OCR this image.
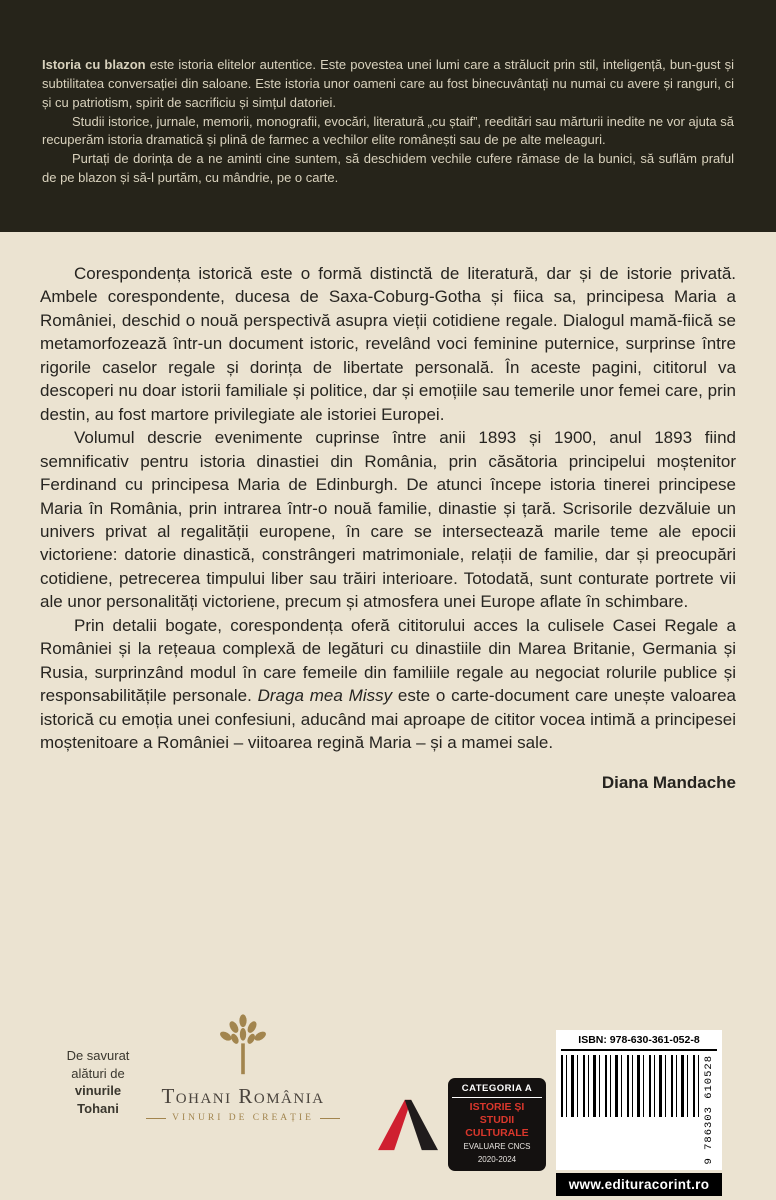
Istoria cu blazon este istoria elitelor autentice. Este povestea unei lumi care a strălucit prin stil, inteligență, bun-gust și subtilitatea conversației din saloane. Este istoria unor oameni care au fost binecuvântați nu numai cu avere și ranguri, ci și cu patriotism, spirit de sacrificiu și simțul datoriei.

Studii istorice, jurnale, memorii, monografii, evocări, literatură „cu ștaif”, reeditări sau mărturii inedite ne vor ajuta să recuperăm istoria dramatică și plină de farmec a vechilor elite românești sau de pe alte meleaguri.

Purtați de dorința de a ne aminti cine suntem, să deschidem vechile cufere rămase de la bunici, să suflăm praful de pe blazon și să-l purtăm, cu mândrie, pe o carte.

Corespondența istorică este o formă distinctă de literatură, dar și de istorie privată. Ambele corespondente, ducesa de Saxa-Coburg-Gotha și fiica sa, principesa Maria a României, deschid o nouă perspectivă asupra vieții cotidiene regale. Dialogul mamă-fiică se metamorfozează într-un document istoric, revelând voci feminine puternice, surprinse între rigorile caselor regale și dorința de libertate personală. În aceste pagini, cititorul va descoperi nu doar istorii familiale și politice, dar și emoțiile sau temerile unor femei care, prin destin, au fost martore privilegiate ale istoriei Europei.

Volumul descrie evenimente cuprinse între anii 1893 și 1900, anul 1893 fiind semnificativ pentru istoria dinastiei din România, prin căsătoria principelui moștenitor Ferdinand cu principesa Maria de Edinburgh. De atunci începe istoria tinerei principese Maria în România, prin intrarea într-o nouă familie, dinastie și țară. Scrisorile dezvăluie un univers privat al regalității europene, în care se intersectează marile teme ale epocii victoriene: datorie dinastică, constrângeri matrimoniale, relații de familie, dar și preocupări cotidiene, petrecerea timpului liber sau trăiri interioare. Totodată, sunt conturate portrete vii ale unor personalități victoriene, precum și atmosfera unei Europe aflate în schimbare.

Prin detalii bogate, corespondența oferă cititorului acces la culisele Casei Regale a României și la rețeaua complexă de legături cu dinastiile din Marea Britanie, Germania și Rusia, surprinzând modul în care femeile din familiile regale au negociat rolurile publice și responsabilitățile personale. Draga mea Missy este o carte-document care unește valoarea istorică cu emoția unei confesiuni, aducând mai aproape de cititor vocea intimă a principesei moștenitoare a României – viitoarea regină Maria – și a mamei sale.

Diana Mandache

De savurat
alături de
vinurile
Tohani
Tohani România
VINURI DE CREAȚIE
CATEGORIA A
ISTORIE ȘI STUDII
CULTURALE
EVALUARE CNCS
2020-2024
ISBN: 978-630-361-052-8
9 786303 610528
www.edituracorint.ro
